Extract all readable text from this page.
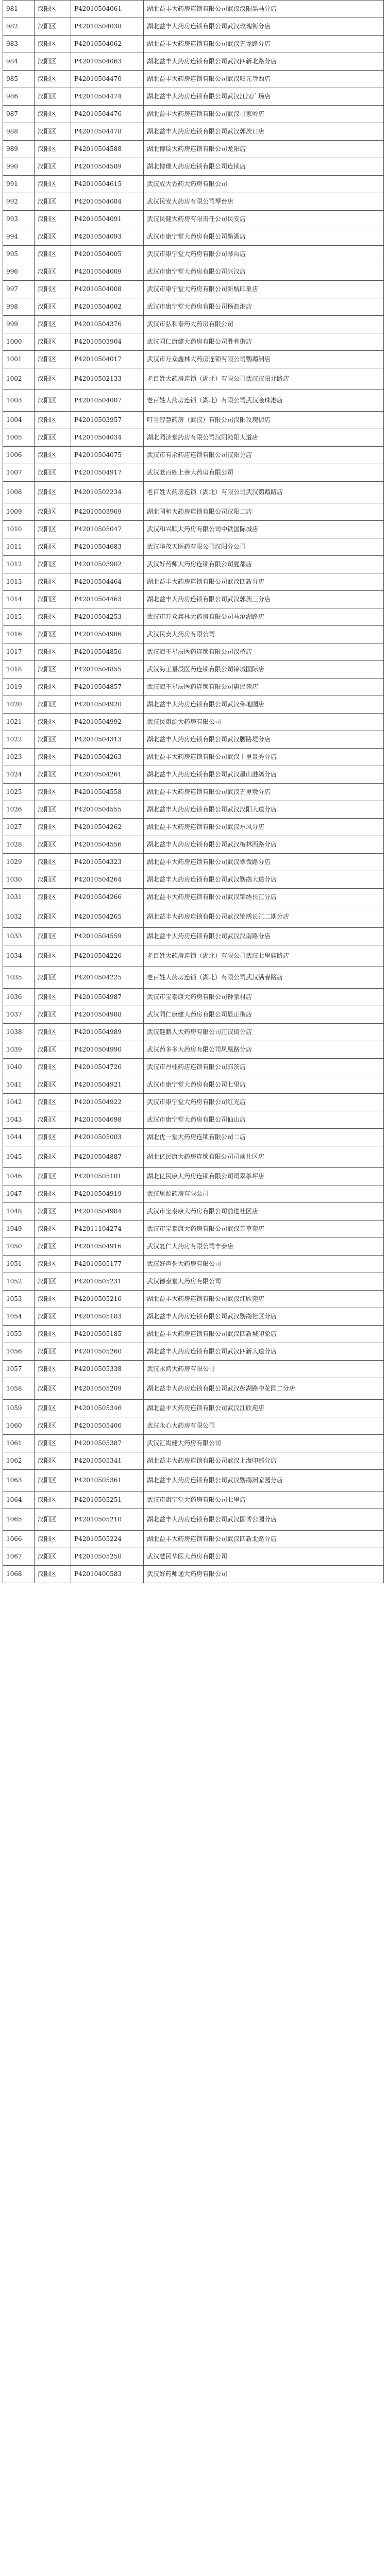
981	汉阳区	P42010504061	湖北益丰大药房连锁有限公司武汉汉阳黑马分店
982	汉阳区	P42010504038	湖北益丰大药房连锁有限公司武汉玫瑰街分店
983	汉阳区	P42010504062	湖北益丰大药房连锁有限公司武汉五龙路分店
984	汉阳区	P42010504063	湖北益丰大药房连锁有限公司武汉四新北路分店
985	汉阳区	P42010504470	湖北益丰大药房连锁有限公司武汉归元寺西店
986	汉阳区	P42010504474	湖北益丰大药房连锁有限公司武汉江汉广场店
987	汉阳区	P42010504476	湖北益丰大药房连锁有限公司武汉司家岭店
988	汉阳区	P42010504478	湖北益丰大药房连锁有限公司武汉郭茨口店
989	汉阳区	P42010504588	湖北博瑞大药房连锁有限公司龙阳店
990	汉阳区	P42010504589	湖北博瑞大药房连锁有限公司连锁店
991	汉阳区	P42010504615	武汉成大香药大药房有限公司
992	汉阳区	P42010504084	武汉民安大药房有限公司琴台店
993	汉阳区	P42010504091	武汉民健大药房有限责任公司民安店
994	汉阳区	P42010504093	武汉市康宁堂大药房有限公司墨湖店
995	汉阳区	P42010504005	武汉市康宁堂大药房有限公司琴台店
996	汉阳区	P42010504009	武汉市康宁堂大药房有限公司兴汉店
997	汉阳区	P42010504008	武汉市康宁堂大药房有限公司新城印象店
998	汉阳区	P42010504002	武汉市康宁堂大药房有限公司杨泗港店
999	汉阳区	P42010504376	武汉市弘和泰药大药房有限公司
1000	汉阳区	P42010503904	武汉同仁康健大药房有限公司胜利街店
1001	汉阳区	P42010504017	武汉市万众鑫林大药房连锁有限公司鹦鹉洲店
1002	汉阳区	P42010502133	老百姓大药房连锁（湖北）有限公司武汉汉阳北路店
1003	汉阳区	P42010504007	老百姓大药房连锁（湖北）有限公司武汉金珠港店
1004	汉阳区	P42010503957	叮当智慧药房（武汉）有限公司汉阳玫瑰街店
1005	汉阳区	P42010504034	湖北同济堂药房有限公司汉阳沌阳大道店
1006	汉阳区	P42010504075	武汉市有余药店连锁有限公司汉阳分店
1007	汉阳区	P42010504917	武汉老百姓上善大药房有限公司
1008	汉阳区	P42010502234	老百姓大药房连锁（湖北）有限公司武汉鹦鹉路店
1009	汉阳区	P42010503969	湖北国和大药房连锁有限公司汉阳二店
1010	汉阳区	P42010505047	武汉和兴顺大药房有限公司中铁国际城店
1011	汉阳区	P42010504683	武汉华茂天医药有限公司汉阳分公司
1012	汉阳区	P42010503902	武汉好药师大药房连锁有限公司夏都店
1013	汉阳区	P42010504464	湖北益丰大药房连锁有限公司武汉四新分店
1014	汉阳区	P42010504463	湖北益丰大药房连锁有限公司武汉郭茨三分店
1015	汉阳区	P42010504253	武汉市万众鑫林大药房有限公司马沧湖路店
1016	汉阳区	P42010504986	武汉民安大药房有限公司
1017	汉阳区	P42010504856	武汉海王星辰医药连锁有限公司汉桥店
1018	汉阳区	P42010504855	武汉海王星辰医药连锁有限公司锦城国际店
1019	汉阳区	P42010504857	武汉海王星辰医药连锁有限公司惠民苑店
1020	汉阳区	P42010504920	湖北益丰大药房连锁有限公司武汉佛地园店
1021	汉阳区	P42010504992	武汉民康源大药房有限公司
1022	汉阳区	P42010504313	湖北益丰大药房连锁有限公司武汉腰路堤分店
1023	汉阳区	P42010504263	湖北益丰大药房连锁有限公司武汉十里景秀分店
1024	汉阳区	P42010504261	湖北益丰大药房连锁有限公司武汉墨山港湾分店
1025	汉阳区	P42010504558	湖北益丰大药房连锁有限公司武汉五里墩分店
1026	汉阳区	P42010504555	湖北益丰大药房连锁有限公司武汉汉阳大道分店
1027	汉阳区	P42010504262	湖北益丰大药房连锁有限公司武汉东风分店
1028	汉阳区	P42010504556	湖北益丰大药房连锁有限公司武汉梅林西路分店
1029	汉阳区	P42010504323	湖北益丰大药房连锁有限公司武汉翠微路分店
1030	汉阳区	P42010504264	湖北益丰大药房连锁有限公司武汉鹦鹉大道分店
1031	汉阳区	P42010504266	湖北益丰大药房连锁有限公司武汉锦绣长江分店
1032	汉阳区	P42010504265	湖北益丰大药房连锁有限公司武汉锦绣长江二期分店
1033	汉阳区	P42010504559	湖北益丰大药房连锁有限公司武汉汉南路分店
1034	汉阳区	P42010504226	老百姓大药房连锁（湖北）有限公司武汉七里庙路店
1035	汉阳区	P42010504225	老百姓大药房连锁（湖北）有限公司武汉满春路店
1036	汉阳区	P42010504987	武汉市宝泰康大药房有限公司钟家村店
1037	汉阳区	P42010504988	武汉同仁康健大药房有限公司显正街店
1038	汉阳区	P42010504989	武汉健鹏人大药房有限公司江汉街分店
1039	汉阳区	P42010504990	武汉药多多大药房有限公司凤凰路分店
1040	汉阳区	P42010504726	武汉市丹桂药店连锁有限公司郭茨店
1041	汉阳区	P42010504921	武汉市康宁堂大药房有限公司七里店
1042	汉阳区	P42010504922	武汉市康宁堂大药房有限公司红光店
1043	汉阳区	P42010504698	武汉市康宁堂大药房有限公司仙山店
1044	汉阳区	P42010505003	湖北优一堂大药房连锁有限公司二店
1045	汉阳区	P42010504887	湖北亿民康大药房连锁有限公司司前社区店
1046	汉阳区	P42010505101	湖北亿民康大药房连锁有限公司司翠茶坪店
1047	汉阳区	P42010504919	武汉思源药房有限公司
1048	汉阳区	P42010504984	武汉市宝泰康大药房有限公司前进社区店
1049	汉阳区	P42011104274	武汉市宝泰康大药房有限公司武汉芳草苑店
1050	汉阳区	P42010504916	武汉复仁大药房有限公司丰泰店
1051	汉阳区	P42010505177	武汉好声誉大药房有限公司
1052	汉阳区	P42010505231	武汉德泰堂大药房有限公司
1053	汉阳区	P42010505216	湖北益丰大药房连锁有限公司武汉江欣苑店
1054	汉阳区	P42010505183	湖北益丰大药房连锁有限公司武汉鹦鹉社区分店
1055	汉阳区	P42010505185	湖北益丰大药房连锁有限公司武汉四新城印象店
1056	汉阳区	P42010505260	湖北益丰大药房连锁有限公司武汉四新大道分店
1057	汉阳区	P42010505338	武汉永鸿大药房有限公司
1058	汉阳区	P42010505209	湖北益丰大药房连锁有限公司武汉彭湖路中花园二分店
1059	汉阳区	P42010505346	湖北益丰大药房连锁有限公司武汉江欣苑店
1060	汉阳区	P42010505406	武汉永心大药房有限公司
1061	汉阳区	P42010505387	武汉汇淘健大药房有限公司
1062	汉阳区	P42010505341	湖北益丰大药房连锁有限公司武汉上海印部分店
1063	汉阳区	P42010505361	湖北益丰大药房连锁有限公司武汉鹦鹉洲家园分店
1064	汉阳区	P42010505251	武汉市康宁堂大药房有限公司七里店
1065	汉阳区	P42010505210	湖北益丰大药房连锁有限公司武汉国博公园分店
1066	汉阳区	P42010505224	湖北益丰大药房连锁有限公司武汉四新北路分店
1067	汉阳区	P42010505250	武汉慧民华医大药房有限公司
1068	汉阳区	P42010400583	武汉好药师通大药房有限公司
